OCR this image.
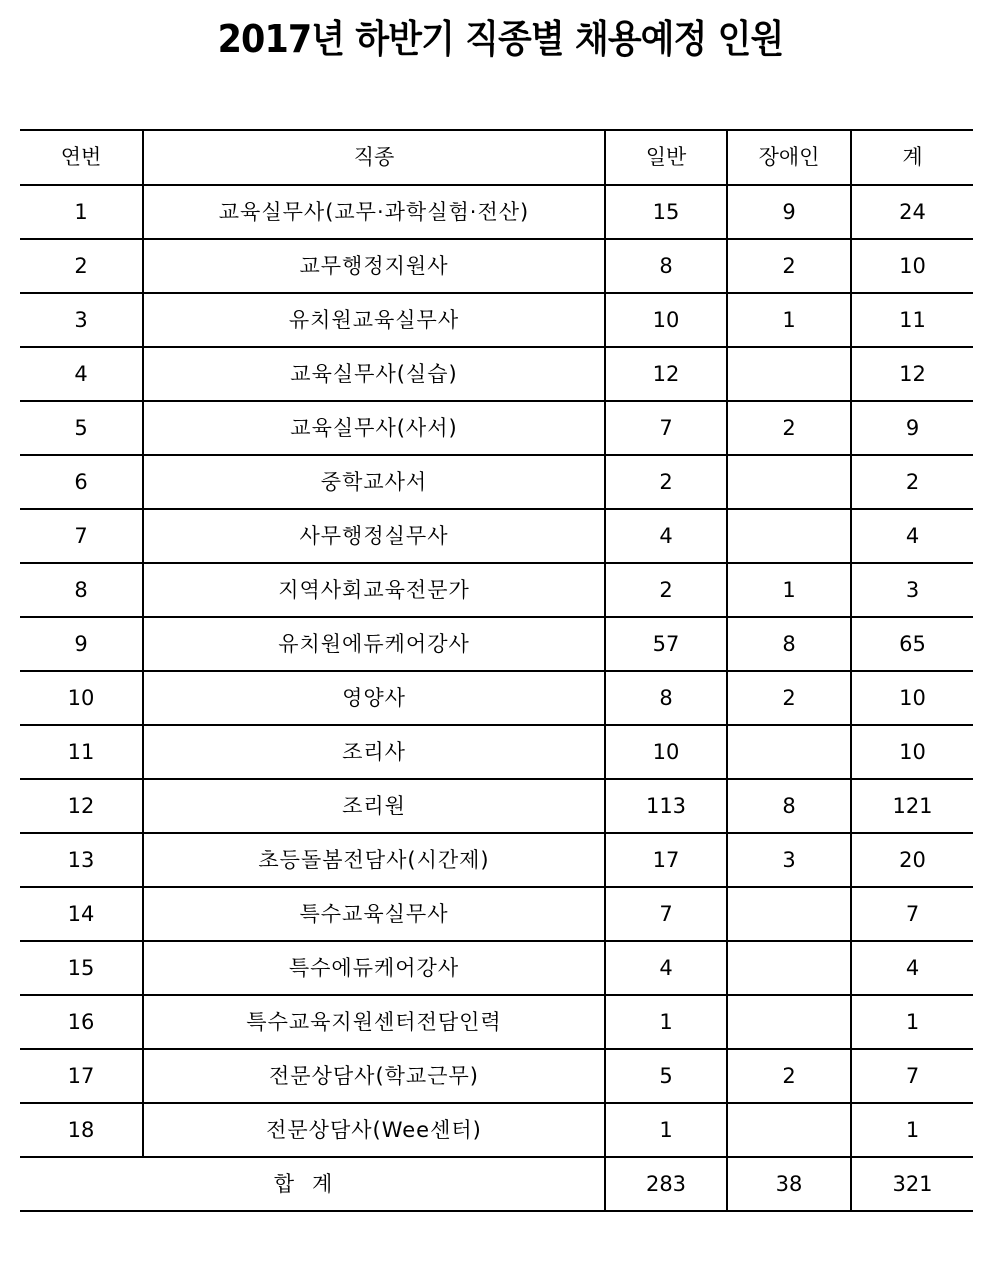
2017년 하반기 직종별 채용예정 인원
연번	직종	일반	장애인	계
1	교육실무사(교무·과학실험·전산)	15	9	24
2	교무행정지원사	8	2	10
3	유치원교육실무사	10	1	11
4	교육실무사(실습)	12		12
5	교육실무사(사서)	7	2	9
6	중학교사서	2		2
7	사무행정실무사	4		4
8	지역사회교육전문가	2	1	3
9	유치원에듀케어강사	57	8	65
10	영양사	8	2	10
11	조리사	10		10
12	조리원	113	8	121
13	초등돌봄전담사(시간제)	17	3	20
14	특수교육실무사	7		7
15	특수에듀케어강사	4		4
16	특수교육지원센터전담인력	1		1
17	전문상담사(학교근무)	5	2	7
18	전문상담사(Wee센터)	1		1
합계		283	38	321
